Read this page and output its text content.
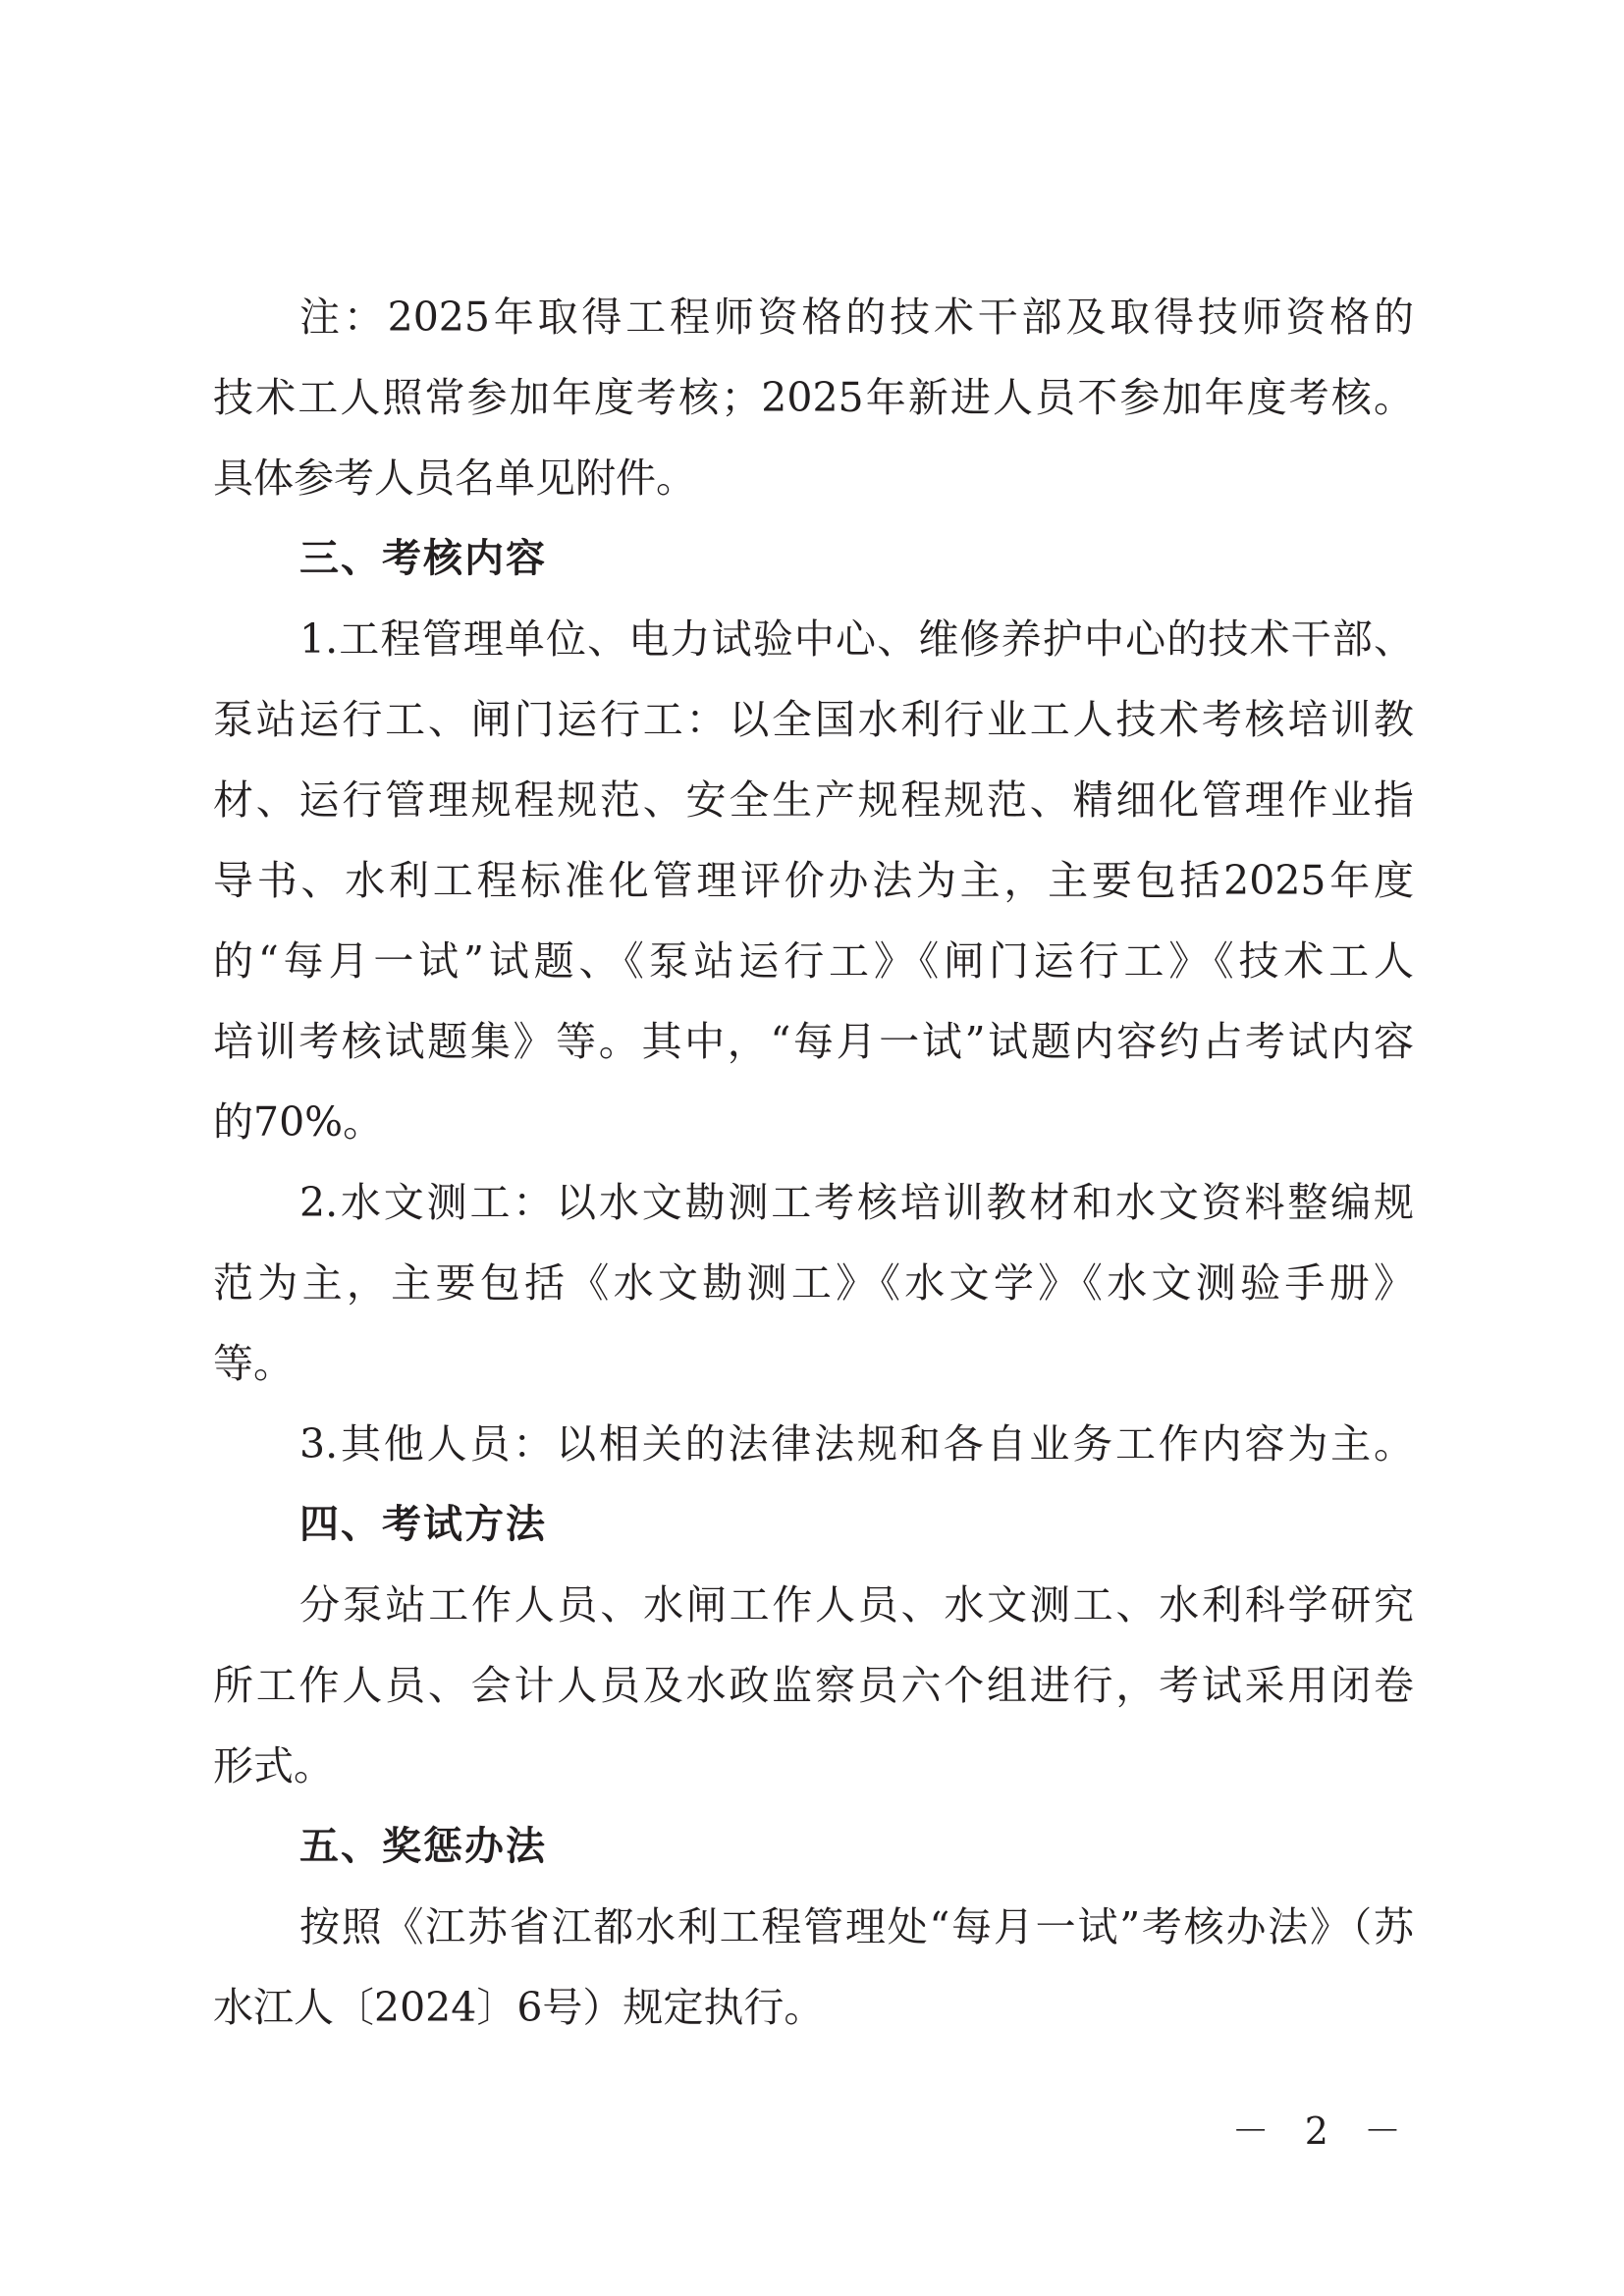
注：2025年取得工程师资格的技术干部及取得技师资格的
技术工人照常参加年度考核；2025年新进人员不参加年度考核。
具体参考人员名单见附件。
三、考核内容
1.工程管理单位、电力试验中心、维修养护中心的技术干部、
泵站运行工、闸门运行工：以全国水利行业工人技术考核培训教
材、运行管理规程规范、安全生产规程规范、精细化管理作业指
导书、水利工程标准化管理评价办法为主，主要包括2025年度
的“每月一试”试题、《泵站运行工》《闸门运行工》《技术工人
培训考核试题集》等。其中，“每月一试”试题内容约占考试内容
的70%。
2.水文测工：以水文勘测工考核培训教材和水文资料整编规
范为主，主要包括《水文勘测工》《水文学》《水文测验手册》
等。
3.其他人员：以相关的法律法规和各自业务工作内容为主。
四、考试方法
分泵站工作人员、水闸工作人员、水文测工、水利科学研究
所工作人员、会计人员及水政监察员六个组进行，考试采用闭卷
形式。
五、奖惩办法
按照《江苏省江都水利工程管理处“每月一试”考核办法》（苏
水江人〔2024〕6号）规定执行。
－ 2 －
